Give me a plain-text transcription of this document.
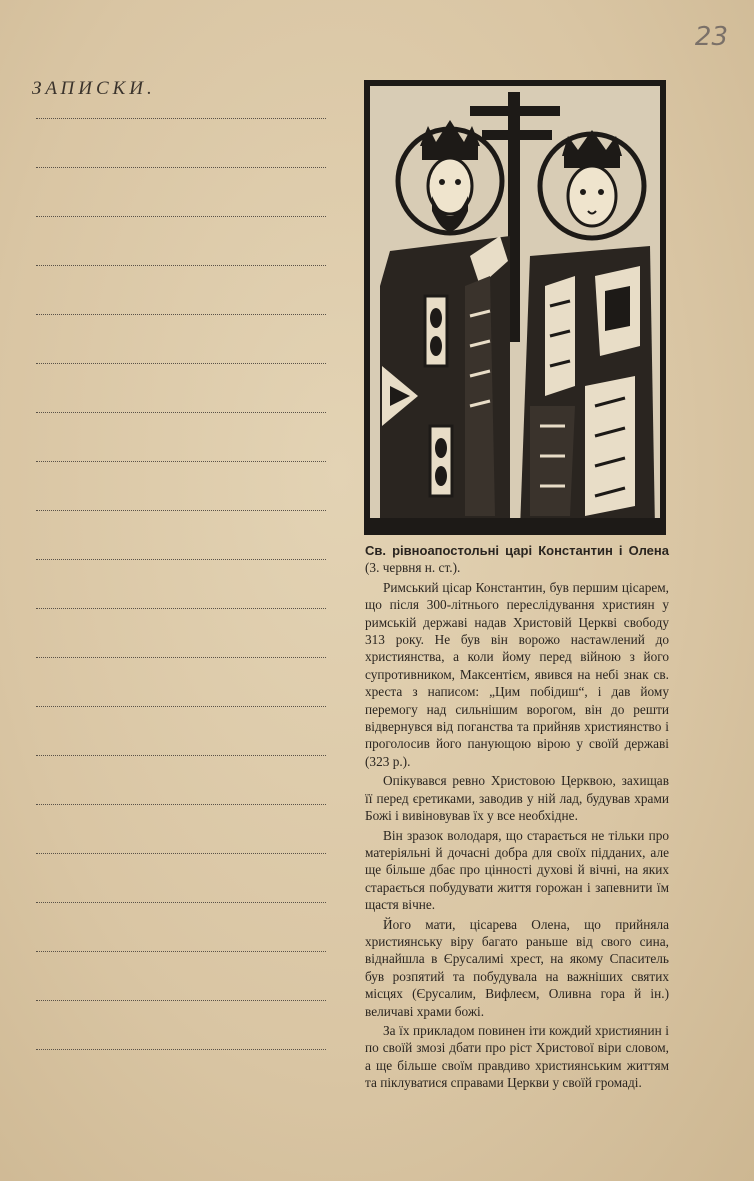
23
ЗАПИСКИ.

Св. рівноапостольні царі Константин і Олена (3. червня н. ст.).

Римський цісар Константин, був першим цісарем, що після 300-літнього переслідування християн у римській державі надав Христовій Церкві свободу 313 року. Не був він ворожо настawлений до християнства, а коли йому перед війною з його супротивником, Максентієм, явився на небі знак св. хреста з написом: „Цим побідиш“, і дав йому перемогу над сильнішим ворогом, він до решти відвернувся від поганства та прийняв християнство і проголосив його панующою вірою у своїй державі (323 р.).

Опікувався ревно Христовою Церквою, захищав її перед єретиками, заводив у ній лад, будував храми Божі і вивіновував їх у все необхідне.

Він зразок володаря, що старається не тільки про матеріяльні й дочасні добра для своїх підданих, але ще більше дбає про цінності духові й вічні, на яких старається побудувати життя горожан і запевнити їм щастя вічне.

Його мати, цісарева Олена, що прийняла християнську віру багато раньше від свого сина, віднайшла в Єрусалимі хрест, на якому Спаситель був розпятий та побудувала на важніших святих місцях (Єрусалим, Вифлеєм, Оливна гора й ін.) величаві храми божі.

За їх прикладом повинен іти кождий християнин і по своїй змозі дбати про ріст Христової віри словом, а ще більше своїм правдиво християнським життям та піклуватися справами Церкви у своїй громаді.
